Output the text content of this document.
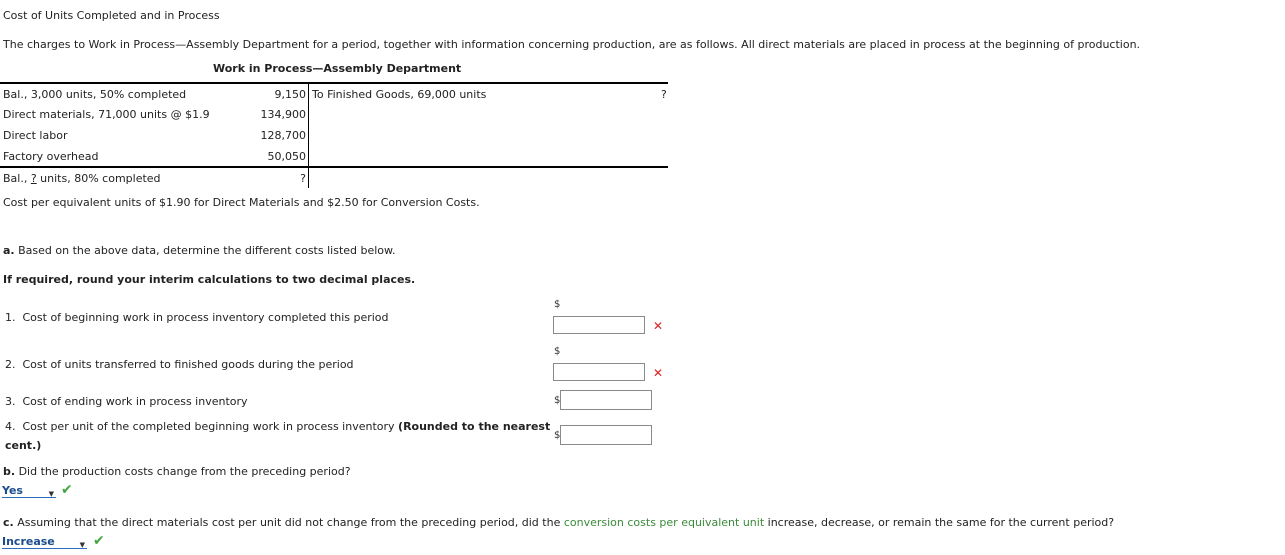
Cost of Units Completed and in Process
The charges to Work in Process—Assembly Department for a period, together with information concerning production, are as follows. All direct materials are placed in process at the beginning of production.
Work in Process—Assembly Department
Bal., 3,000 units, 50% completed	9,150 To Finished Goods, 69,000 units	?
Direct materials, 71,000 units @ $1.9	134,900
Direct labor	128,700
Factory overhead	50,050
Bal., ? units, 80% completed	?
Cost per equivalent units of $1.90 for Direct Materials and $2.50 for Conversion Costs.
a. Based on the above data, determine the different costs listed below.
If required, round your interim calculations to two decimal places.
1. Cost of beginning work in process inventory completed this period
$
✕
2. Cost of units transferred to finished goods during the period
$
✕
3. Cost of ending work in process inventory	$
4. Cost per unit of the completed beginning work in process inventory (Rounded to the nearest
cent.)
$
b. Did the production costs change from the preceding period?
Yes	▼ ✔
c. Assuming that the direct materials cost per unit did not change from the preceding period, did the conversion costs per equivalent unit increase, decrease, or remain the same for the current period?
Increase	▼ ✔
